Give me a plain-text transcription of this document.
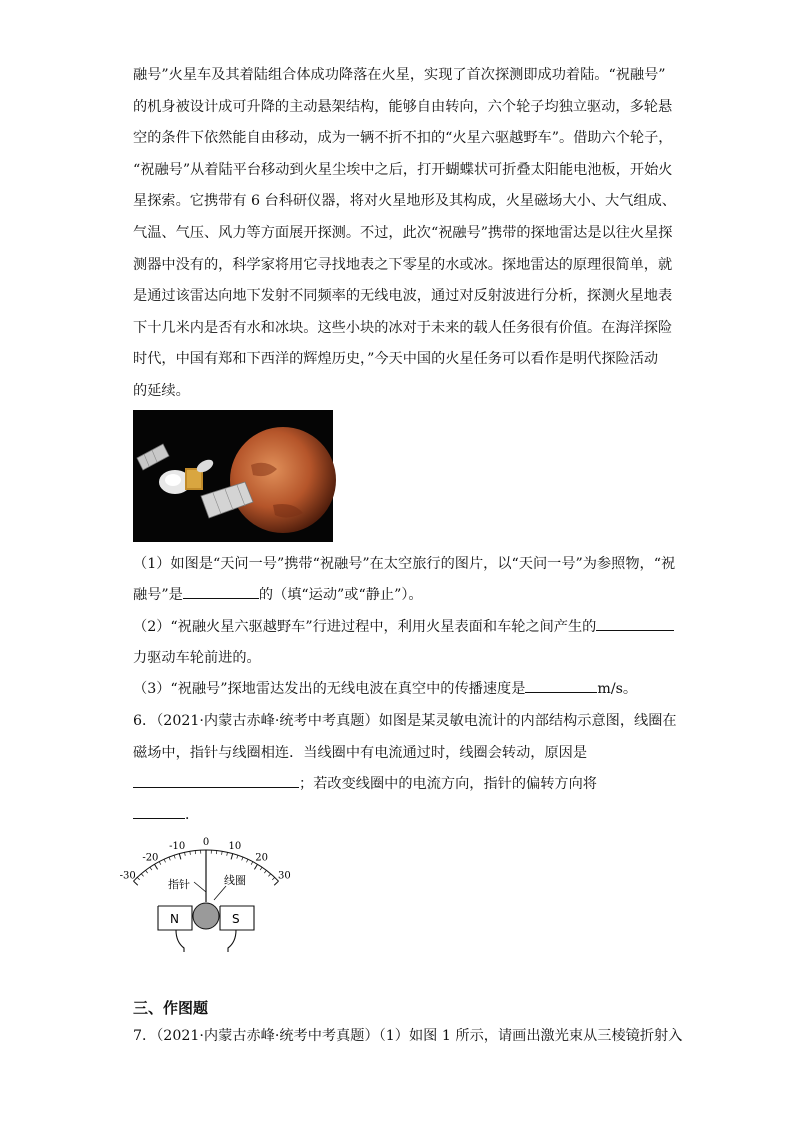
融号”火星车及其着陆组合体成功降落在火星，实现了首次探测即成功着陆。“祝融号”
的机身被设计成可升降的主动悬架结构，能够自由转向，六个轮子均独立驱动，多轮悬
空的条件下依然能自由移动，成为一辆不折不扣的“火星六驱越野车”。借助六个轮子，
“祝融号”从着陆平台移动到火星尘埃中之后，打开蝴蝶状可折叠太阳能电池板，开始火
星探索。它携带有 6 台科研仪器，将对火星地形及其构成，火星磁场大小、大气组成、
气温、气压、风力等方面展开探测。不过，此次“祝融号”携带的探地雷达是以往火星探
测器中没有的，科学家将用它寻找地表之下零星的水或冰。探地雷达的原理很简单，就
是通过该雷达向地下发射不同频率的无线电波，通过对反射波进行分析，探测火星地表
下十几米内是否有水和冰块。这些小块的冰对于未来的载人任务很有价值。在海洋探险
时代，中国有郑和下西洋的辉煌历史，”今天中国的火星任务可以看作是明代探险活动
的延续。
（1）如图是“天问一号”携带“祝融号”在太空旅行的图片，以“天问一号”为参照物，“祝
融号”是	的（填“运动”或“静止”）。
（2）“祝融火星六驱越野车”行进过程中，利用火星表面和车轮之间产生的
力驱动车轮前进的。
（3）“祝融号”探地雷达发出的无线电波在真空中的传播速度是	m/s。
6．（2021·内蒙古赤峰·统考中考真题）如图是某灵敏电流计的内部结构示意图，线圈在
磁场中，指针与线圈相连．当线圈中有电流通过时，线圈会转动，原因是
；若改变线圈中的电流方向，指针的偏转方向将
．
-30
-20
-10 0 10
20
30
指针	线圈
N	S
三、作图题
7．（2021·内蒙古赤峰·统考中考真题）（1）如图 1 所示，请画出激光束从三棱镜折射入
